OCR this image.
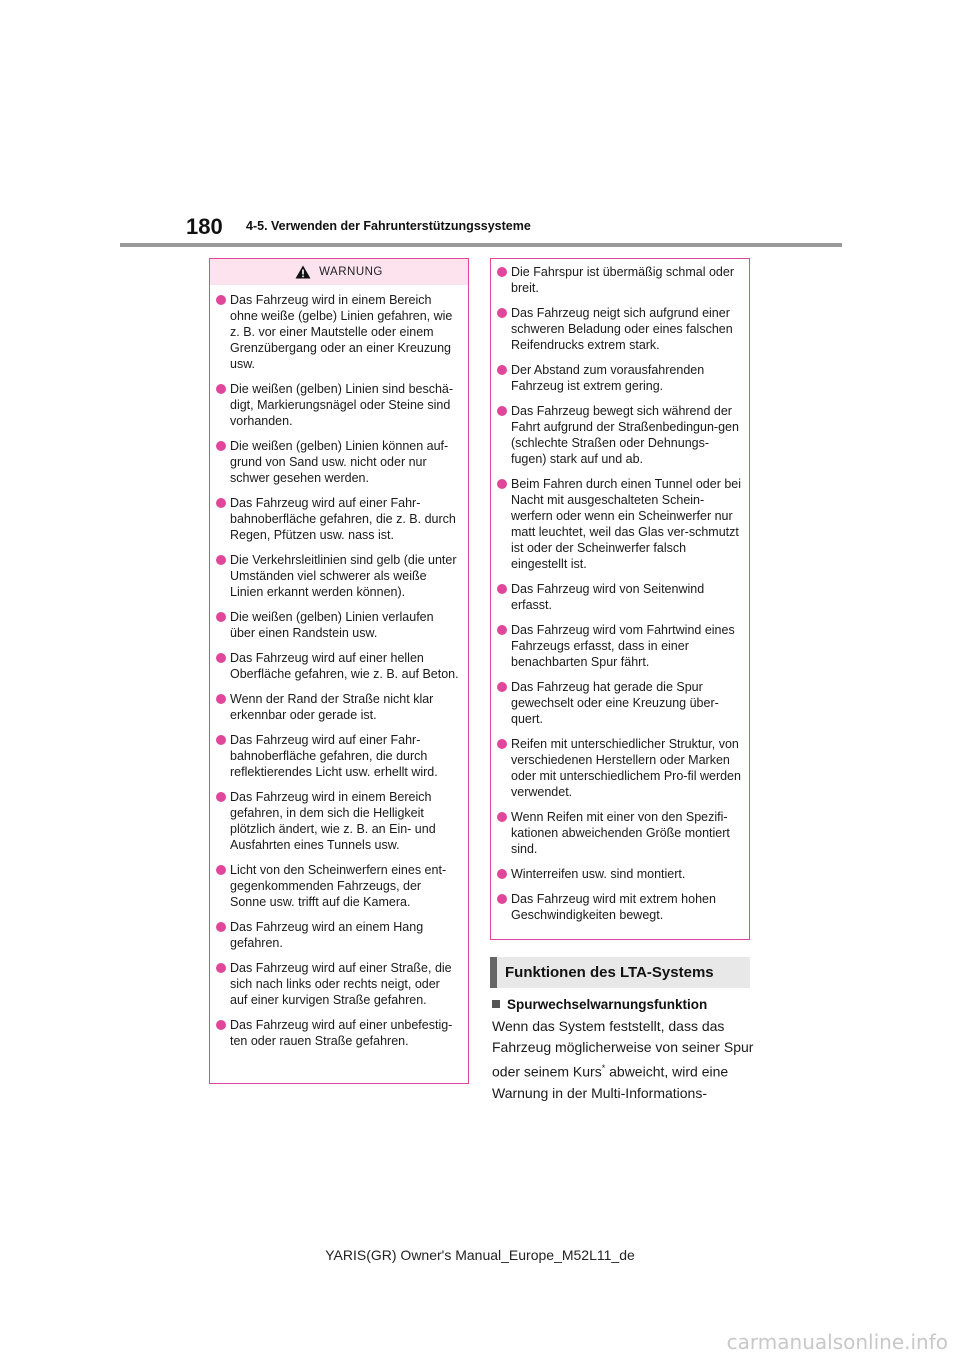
180 4-5. Verwenden der Fahrunterstützungssysteme
WARNUNG
Das Fahrzeug wird in einem Bereich ohne weiße (gelbe) Linien gefahren, wie z. B. vor einer Mautstelle oder einem Grenzübergang oder an einer Kreuzung usw.
Die weißen (gelben) Linien sind beschä-digt, Markierungsnägel oder Steine sind vorhanden.
Die weißen (gelben) Linien können auf-grund von Sand usw. nicht oder nur schwer gesehen werden.
Das Fahrzeug wird auf einer Fahr-bahnoberfläche gefahren, die z. B. durch Regen, Pfützen usw. nass ist.
Die Verkehrsleitlinien sind gelb (die unter Umständen viel schwerer als weiße Linien erkannt werden können).
Die weißen (gelben) Linien verlaufen über einen Randstein usw.
Das Fahrzeug wird auf einer hellen Oberfläche gefahren, wie z. B. auf Beton.
Wenn der Rand der Straße nicht klar erkennbar oder gerade ist.
Das Fahrzeug wird auf einer Fahr-bahnoberfläche gefahren, die durch reflektierendes Licht usw. erhellt wird.
Das Fahrzeug wird in einem Bereich gefahren, in dem sich die Helligkeit plötzlich ändert, wie z. B. an Ein- und Ausfahrten eines Tunnels usw.
Licht von den Scheinwerfern eines ent-gegenkommenden Fahrzeugs, der Sonne usw. trifft auf die Kamera.
Das Fahrzeug wird an einem Hang gefahren.
Das Fahrzeug wird auf einer Straße, die sich nach links oder rechts neigt, oder auf einer kurvigen Straße gefahren.
Das Fahrzeug wird auf einer unbefestig-ten oder rauen Straße gefahren.
Die Fahrspur ist übermäßig schmal oder breit.
Das Fahrzeug neigt sich aufgrund einer schweren Beladung oder eines falschen Reifendrucks extrem stark.
Der Abstand zum vorausfahrenden Fahrzeug ist extrem gering.
Das Fahrzeug bewegt sich während der Fahrt aufgrund der Straßenbedingun-gen (schlechte Straßen oder Dehnungs-fugen) stark auf und ab.
Beim Fahren durch einen Tunnel oder bei Nacht mit ausgeschalteten Schein-werfern oder wenn ein Scheinwerfer nur matt leuchtet, weil das Glas ver-schmutzt ist oder der Scheinwerfer falsch eingestellt ist.
Das Fahrzeug wird von Seitenwind erfasst.
Das Fahrzeug wird vom Fahrtwind eines Fahrzeugs erfasst, dass in einer benachbarten Spur fährt.
Das Fahrzeug hat gerade die Spur gewechselt oder eine Kreuzung über-quert.
Reifen mit unterschiedlicher Struktur, von verschiedenen Herstellern oder Marken oder mit unterschiedlichem Pro-fil werden verwendet.
Wenn Reifen mit einer von den Spezifi-kationen abweichenden Größe montiert sind.
Winterreifen usw. sind montiert.
Das Fahrzeug wird mit extrem hohen Geschwindigkeiten bewegt.
Funktionen des LTA-Systems
Spurwechselwarnungsfunktion
Wenn das System feststellt, dass das Fahrzeug möglicherweise von seiner Spur oder seinem Kurs* abweicht, wird eine Warnung in der Multi-Informations-
YARIS(GR) Owner's Manual_Europe_M52L11_de
carmanualsonline.info
